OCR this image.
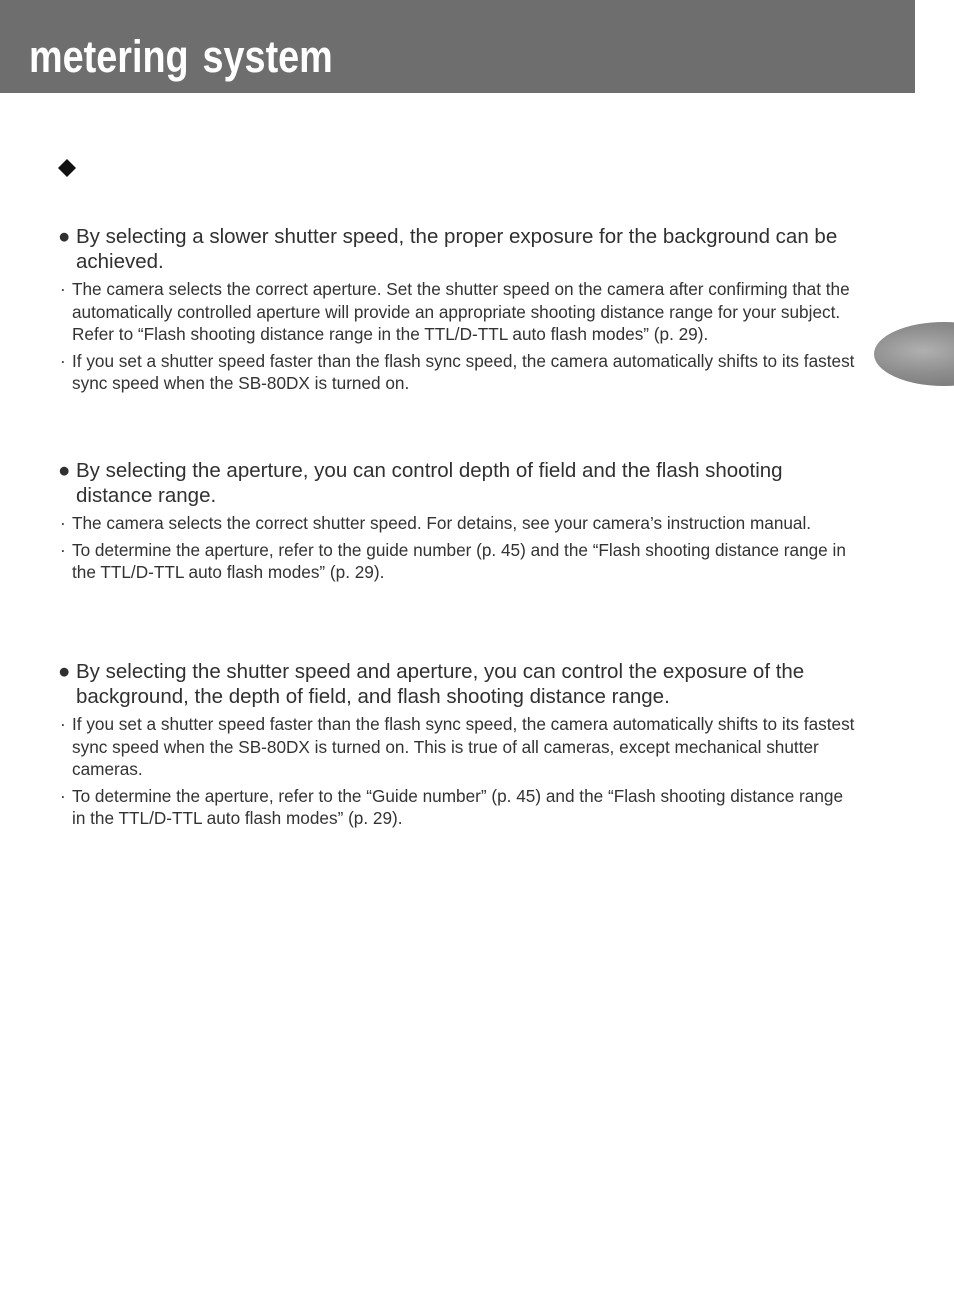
metering system

● By selecting a slower shutter speed, the proper exposure for the background can be achieved.

· The camera selects the correct aperture. Set the shutter speed on the camera after confirming that the automatically controlled aperture will provide an appropriate shooting distance range for your subject. Refer to “Flash shooting distance range in the TTL/D-TTL auto flash modes” (p. 29).

· If you set a shutter speed faster than the flash sync speed, the camera automatically shifts to its fastest sync speed when the SB-80DX is turned on.

● By selecting the aperture, you can control depth of field and the flash shooting distance range.

· The camera selects the correct shutter speed. For detains, see your camera’s instruction manual.

· To determine the aperture, refer to the guide number (p. 45) and the “Flash shooting distance range in the TTL/D-TTL auto flash modes” (p. 29).

● By selecting the shutter speed and aperture, you can control the exposure of the background, the depth of field, and flash shooting distance range.

· If you set a shutter speed faster than the flash sync speed, the camera automatically shifts to its fastest sync speed when the SB-80DX is turned on. This is true of all cameras, except mechanical shutter cameras.

· To determine the aperture, refer to the “Guide number” (p. 45) and the “Flash shooting distance range in the TTL/D-TTL auto flash modes” (p. 29).
